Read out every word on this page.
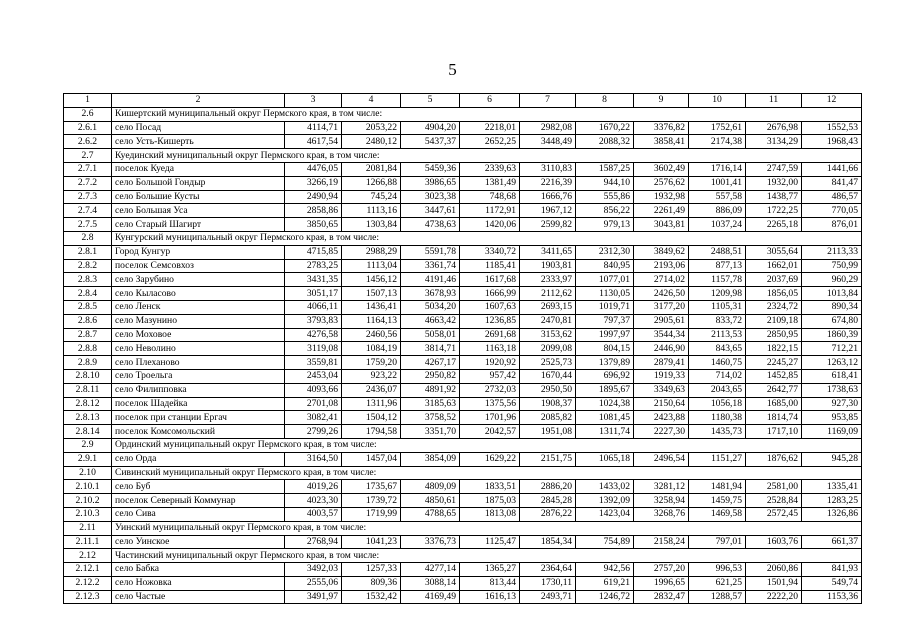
5
1	2	3	4	5	6	7	8	9	10	11	12
2.6	Кишертский муниципальный округ Пермского края, в том числе:										
2.6.1	село Посад	4114,71	2053,22	4904,20	2218,01	2982,08	1670,22	3376,82	1752,61	2676,98	1552,53
2.6.2	село Усть-Кишерть	4617,54	2480,12	5437,37	2652,25	3448,49	2088,32	3858,41	2174,38	3134,29	1968,43
2.7	Куединский муниципальный округ Пермского края, в том числе:										
2.7.1	поселок Куеда	4476,05	2081,84	5459,36	2339,63	3110,83	1587,25	3602,49	1716,14	2747,59	1441,66
2.7.2	село Большой Гондыр	3266,19	1266,88	3986,65	1381,49	2216,39	944,10	2576,62	1001,41	1932,00	841,47
2.7.3	село Большие Кусты	2490,94	745,24	3023,38	748,68	1666,76	555,86	1932,98	557,58	1438,77	486,57
2.7.4	село Большая Уса	2858,86	1113,16	3447,61	1172,91	1967,12	856,22	2261,49	886,09	1722,25	770,05
2.7.5	село Старый Шагирт	3850,65	1303,84	4738,63	1420,06	2599,82	979,13	3043,81	1037,24	2265,18	876,01
2.8	Кунгурский муниципальный округ Пермского края, в том числе:										
2.8.1	Город Кунгур	4715,85	2988,29	5591,78	3340,72	3411,65	2312,30	3849,62	2488,51	3055,64	2113,33
2.8.2	поселок Семсовхоз	2783,25	1113,04	3361,74	1185,41	1903,81	840,95	2193,06	877,13	1662,01	750,99
2.8.3	село Зарубино	3431,35	1456,12	4191,46	1617,68	2333,97	1077,01	2714,02	1157,78	2037,69	960,29
2.8.4	село Кыласово	3051,17	1507,13	3678,93	1666,99	2112,62	1130,05	2426,50	1209,98	1856,05	1013,84
2.8.5	село Ленск	4066,11	1436,41	5034,20	1607,63	2693,15	1019,71	3177,20	1105,31	2324,72	890,34
2.8.6	село Мазунино	3793,83	1164,13	4663,42	1236,85	2470,81	797,37	2905,61	833,72	2109,18	674,80
2.8.7	село Моховое	4276,58	2460,56	5058,01	2691,68	3153,62	1997,97	3544,34	2113,53	2850,95	1860,39
2.8.8	село Неволино	3119,08	1084,19	3814,71	1163,18	2099,08	804,15	2446,90	843,65	1822,15	712,21
2.8.9	село Плеханово	3559,81	1759,20	4267,17	1920,92	2525,73	1379,89	2879,41	1460,75	2245,27	1263,12
2.8.10	село Троельга	2453,04	923,22	2950,82	957,42	1670,44	696,92	1919,33	714,02	1452,85	618,41
2.8.11	село Филипповка	4093,66	2436,07	4891,92	2732,03	2950,50	1895,67	3349,63	2043,65	2642,77	1738,63
2.8.12	поселок Шадейка	2701,08	1311,96	3185,63	1375,56	1908,37	1024,38	2150,64	1056,18	1685,00	927,30
2.8.13	поселок при станции Ергач	3082,41	1504,12	3758,52	1701,96	2085,82	1081,45	2423,88	1180,38	1814,74	953,85
2.8.14	поселок Комсомольский	2799,26	1794,58	3351,70	2042,57	1951,08	1311,74	2227,30	1435,73	1717,10	1169,09
2.9	Ординский муниципальный округ Пермского края, в том числе:										
2.9.1	село Орда	3164,50	1457,04	3854,09	1629,22	2151,75	1065,18	2496,54	1151,27	1876,62	945,28
2.10	Сивинский муниципальный округ Пермского края, в том числе:										
2.10.1	село Буб	4019,26	1735,67	4809,09	1833,51	2886,20	1433,02	3281,12	1481,94	2581,00	1335,41
2.10.2	поселок Северный Коммунар	4023,30	1739,72	4850,61	1875,03	2845,28	1392,09	3258,94	1459,75	2528,84	1283,25
2.10.3	село Сива	4003,57	1719,99	4788,65	1813,08	2876,22	1423,04	3268,76	1469,58	2572,45	1326,86
2.11	Уинский муниципальный округ Пермского края, в том числе:										
2.11.1	село Уинское	2768,94	1041,23	3376,73	1125,47	1854,34	754,89	2158,24	797,01	1603,76	661,37
2.12	Частинский муниципальный округ Пермского края, в том числе:										
2.12.1	село Бабка	3492,03	1257,33	4277,14	1365,27	2364,64	942,56	2757,20	996,53	2060,86	841,93
2.12.2	село Ножовка	2555,06	809,36	3088,14	813,44	1730,11	619,21	1996,65	621,25	1501,94	549,74
2.12.3	село Частые	3491,97	1532,42	4169,49	1616,13	2493,71	1246,72	2832,47	1288,57	2222,20	1153,36
